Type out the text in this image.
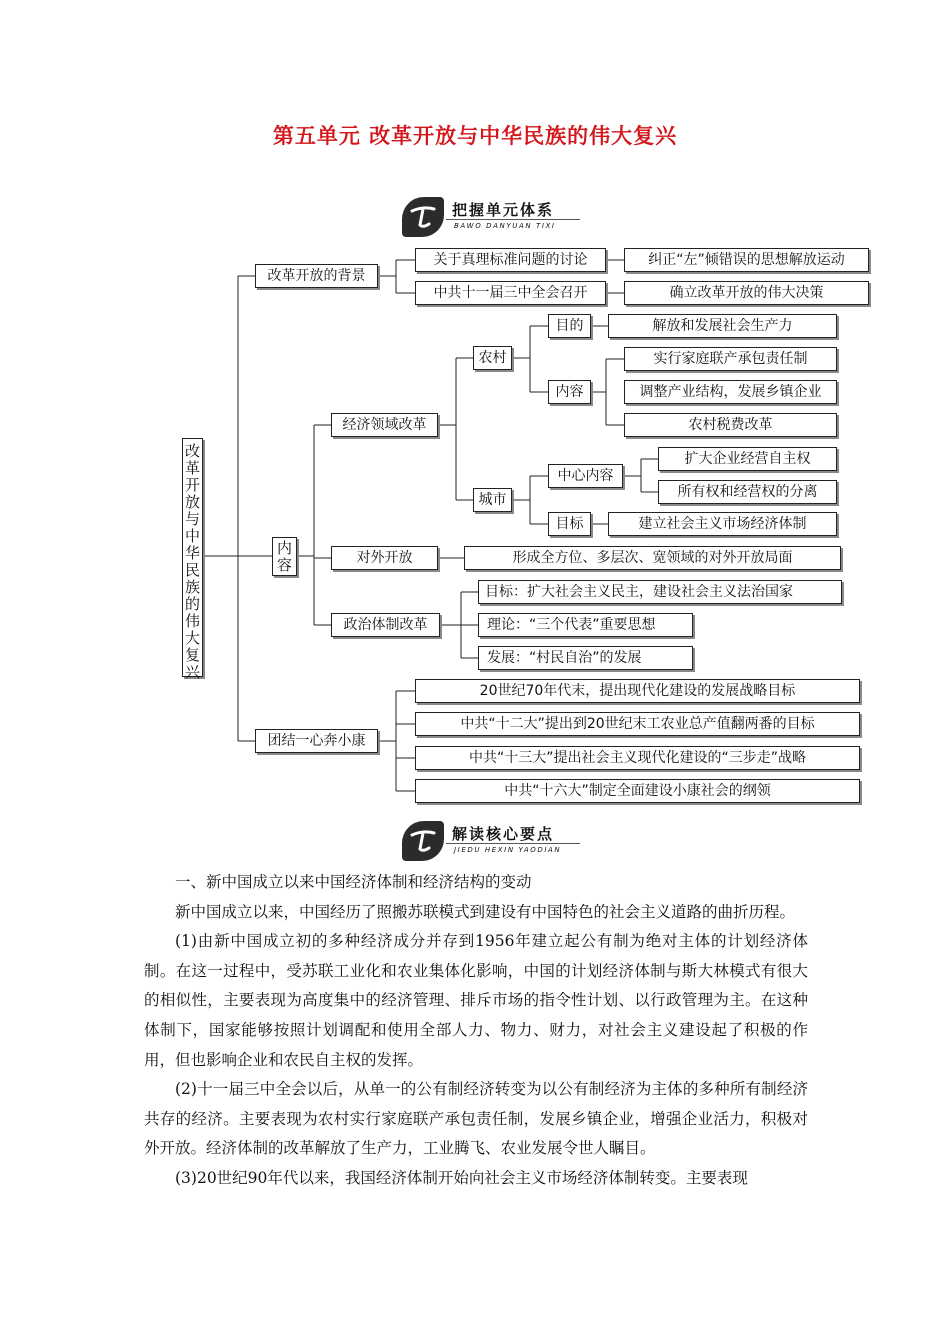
第五单元 改革开放与中华民族的伟大复兴
把握单元体系
BAWO DANYUAN TIXI
改革开放与中华民族的伟大复兴
改革开放的背景
关于真理标准问题的讨论	纠正“左”倾错误的思想解放运动
中共十一届三中全会召开	确立改革开放的伟大决策
内容
经济领域改革
农村
目的	解放和发展社会生产力
内容
实行家庭联产承包责任制
调整产业结构，发展乡镇企业
农村税费改革
城市
中心内容
扩大企业经营自主权
所有权和经营权的分离
目标	建立社会主义市场经济体制
对外开放	形成全方位、多层次、宽领域的对外开放局面
政治体制改革
目标：扩大社会主义民主，建设社会主义法治国家
理论：“三个代表”重要思想
发展：“村民自治”的发展
团结一心奔小康
20世纪70年代末，提出现代化建设的发展战略目标
中共“十二大”提出到20世纪末工农业总产值翻两番的目标
中共“十三大”提出社会主义现代化建设的“三步走”战略
中共“十六大”制定全面建设小康社会的纲领
解读核心要点
JIEDU HEXIN YAODIAN

一、新中国成立以来中国经济体制和经济结构的变动

新中国成立以来，中国经历了照搬苏联模式到建设有中国特色的社会主义道路的曲折历程。

(1)由新中国成立初的多种经济成分并存到1956年建立起公有制为绝对主体的计划经济体制。在这一过程中，受苏联工业化和农业集体化影响，中国的计划经济体制与斯大林模式有很大的相似性，主要表现为高度集中的经济管理、排斥市场的指令性计划、以行政管理为主。在这种体制下，国家能够按照计划调配和使用全部人力、物力、财力，对社会主义建设起了积极的作用，但也影响企业和农民自主权的发挥。

(2)十一届三中全会以后，从单一的公有制经济转变为以公有制经济为主体的多种所有制经济共存的经济。主要表现为农村实行家庭联产承包责任制，发展乡镇企业，增强企业活力，积极对外开放。经济体制的改革解放了生产力，工业腾飞、农业发展令世人瞩目。

(3)20世纪90年代以来，我国经济体制开始向社会主义市场经济体制转变。主要表现
